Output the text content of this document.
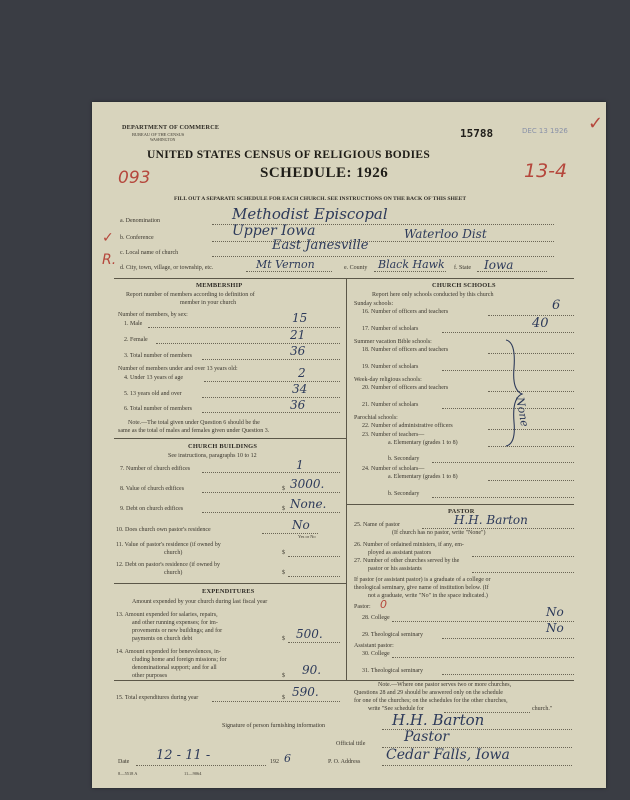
DEPARTMENT OF COMMERCE
BUREAU OF THE CENSUS
WASHINGTON	15788	DEC 13 1926 ✓
UNITED STATES CENSUS OF RELIGIOUS BODIES
SCHEDULE: 1926
093	13-4
FILL OUT A SEPARATE SCHEDULE FOR EACH CHURCH. SEE INSTRUCTIONS ON THE BACK OF THIS SHEET
a. Denomination	Methodist Episcopal
b. Conference	Upper Iowa	Waterloo Dist
✓
c. Local name of church	East Janesville
R. d. City, town, village, or township, etc.	Mt Vernon	e. County Black Hawk f. State Iowa
MEMBERSHIP
Report number of members according to definition of
member in your church
Number of members, by sex:
1. Male	15
2. Female	21
3. Total number of members	36
Number of members under and over 13 years old:
4. Under 13 years of age	2
5. 13 years old and over	34
6. Total number of members	36
Note.—The total given under Question 6 should be the
same as the total of males and females given under Question 3.
CHURCH BUILDINGS
See instructions, paragraphs 10 to 12
7. Number of church edifices	1
8. Value of church edifices	$ 3000.
9. Debt on church edifices	$ None.
10. Does church own pastor's residence	No
Yes or No
11. Value of pastor's residence (if owned by
church)	$
12. Debt on pastor's residence (if owned by
church)	$
EXPENDITURES
Amount expended by your church during last fiscal year
13. Amount expended for salaries, repairs,
and other running expenses; for im-
provements or new buildings; and for
payments on church debt	$ 500.
14. Amount expended for benevolences, in-
cluding home and foreign missions; for
denominational support; and for all
other purposes	$ 90.
CHURCH SCHOOLS
Report here only schools conducted by this church
Sunday schools:
16. Number of officers and teachers	6
17. Number of scholars	40
Summer vacation Bible schools:
18. Number of officers and teachers
19. Number of scholars
Week-day religious schools:
20. Number of officers and teachers
21. Number of scholars
Parochial schools:
22. Number of administrative officers
23. Number of teachers—
a. Elementary (grades 1 to 8)
b. Secondary
24. Number of scholars—
a. Elementary (grades 1 to 8)
b. Secondary
None
PASTOR
25. Name of pastor	H.H. Barton
(If church has no pastor, write "None")
26. Number of ordained ministers, if any, em-
ployed as assistant pastors
27. Number of other churches served by the
pastor or his assistants
If pastor (or assistant pastor) is a graduate of a college or
theological seminary, give name of institution below. (If
not a graduate, write "No" in the space indicated.)
Pastor: 0
28. College	No
29. Theological seminary	No
Assistant pastor:
30. College
31. Theological seminary
15. Total expenditures during year	$ 590.	Note.—Where one pastor serves two or more churches,
Questions 28 and 29 should be answered only on the schedule
for one of the churches; on the schedules for the other churches,
write "See schedule for	church."
Signature of person furnishing information	H.H. Barton
Official title	Pastor
Date 12 - 11 -	192 6	P. O. Address Cedar Falls, Iowa
8—5518 A	11—9064
